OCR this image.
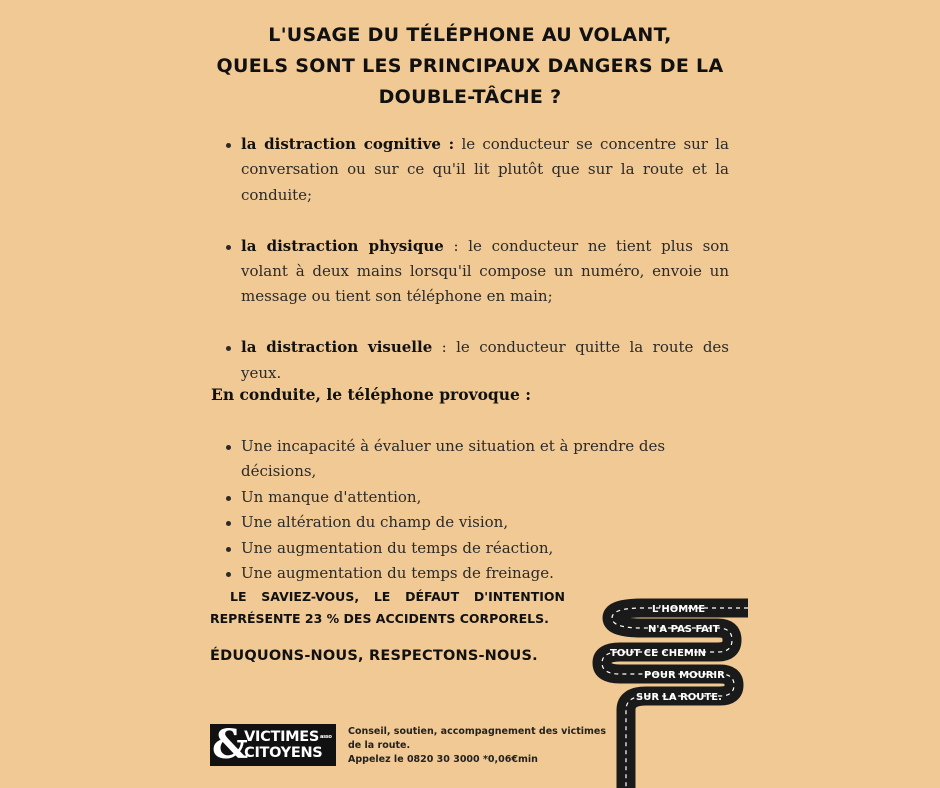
L'USAGE DU TÉLÉPHONE AU VOLANT,
QUELS SONT LES PRINCIPAUX DANGERS DE LA
DOUBLE-TÂCHE ?
la distraction cognitive : le conducteur se concentre sur la conversation ou sur ce qu'il lit plutôt que sur la route et la conduite;
la distraction physique : le conducteur ne tient plus son volant à deux mains lorsqu'il compose un numéro, envoie un message ou tient son téléphone en main;
la distraction visuelle : le conducteur quitte la route des yeux.
En conduite, le téléphone provoque :
Une incapacité à évaluer une situation et à prendre des décisions,
Un manque d'attention,
Une altération du champ de vision,
Une augmentation du temps de réaction,
Une augmentation du temps de freinage.
LE SAVIEZ-VOUS, LE DÉFAUT D'INTENTION
REPRÉSENTE 23 % DES ACCIDENTS CORPORELS.
ÉDUQUONS-NOUS, RESPECTONS-NOUS.
&
$VICTIMES^{asso}$
CITOYENS
Conseil, soutien, accompagnement des victimes
de la route.
Appelez le 0820 30 3000 *0,06€min
L'HOMME
N'A PAS FAIT
TOUT CE CHEMIN
POUR MOURIR
SUR LA ROUTE.
